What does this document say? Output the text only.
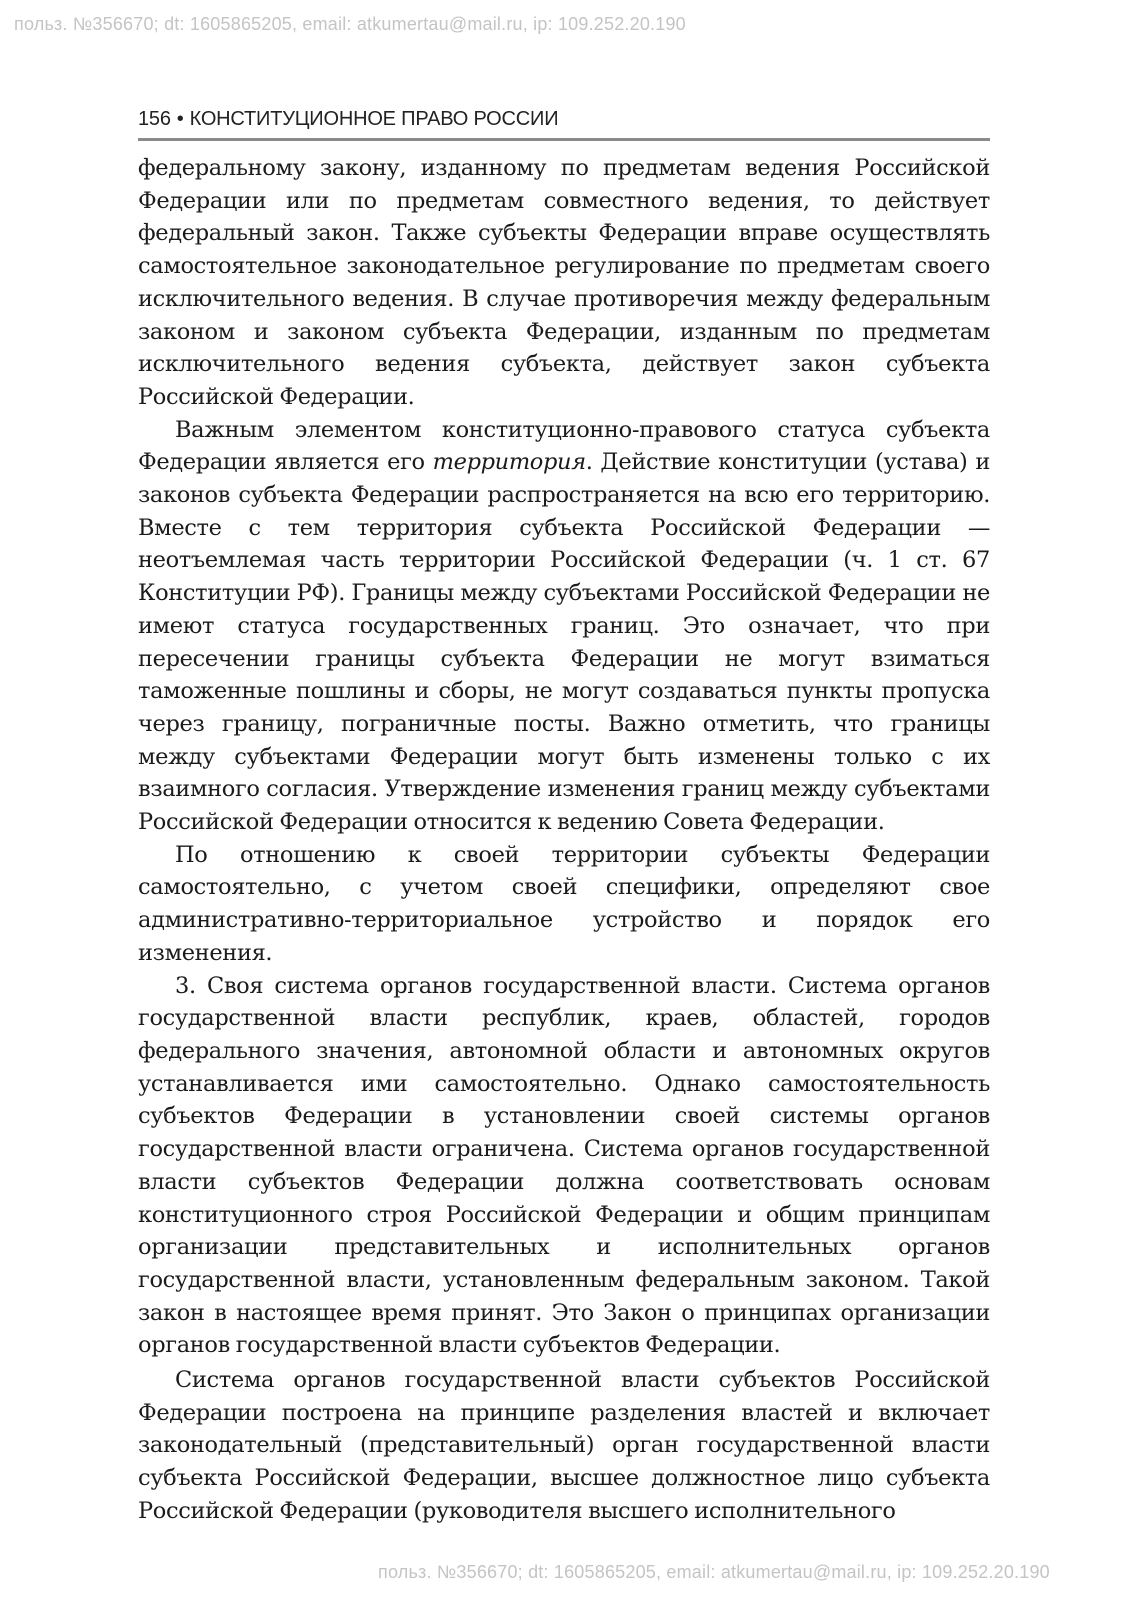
польз. №356670; dt: 1605865205, email: atkumertau@mail.ru, ip: 109.252.20.190
156 • КОНСТИТУЦИОННОЕ ПРАВО РОССИИ

федеральному закону, изданному по предметам ведения Российской Федерации или по предметам совместного ведения, то действует федеральный закон. Также субъекты Федерации вправе осуществлять самостоятельное законодательное регулирование по предметам своего исключительного ведения. В случае противоречия между федеральным законом и законом субъекта Федерации, изданным по предметам исключительного ведения субъекта, действует закон субъекта Российской Федерации.

Важным элементом конституционно-правового статуса субъекта Федерации является его территория. Действие конституции (устава) и законов субъекта Федерации распространяется на всю его территорию. Вместе с тем территория субъекта Российской Федерации — неотъемлемая часть территории Российской Федерации (ч. 1 ст. 67 Конституции РФ). Границы между субъектами Российской Федерации не имеют статуса государственных границ. Это означает, что при пересечении границы субъекта Федерации не могут взиматься таможенные пошлины и сборы, не могут создаваться пункты пропуска через границу, пограничные посты. Важно отметить, что границы между субъектами Федерации могут быть изменены только с их взаимного согласия. Утверждение изменения границ между субъектами Российской Федерации относится к ведению Совета Федерации.

По отношению к своей территории субъекты Федерации самостоятельно, с учетом своей специфики, определяют свое административно-территориальное устройство и порядок его изменения.

3. Своя система органов государственной власти. Система органов государственной власти республик, краев, областей, городов федерального значения, автономной области и автономных округов устанавливается ими самостоятельно. Однако самостоятельность субъектов Федерации в установлении своей системы органов государственной власти ограничена. Система органов государственной власти субъектов Федерации должна соответствовать основам конституционного строя Российской Федерации и общим принципам организации представительных и исполнительных органов государственной власти, установленным федеральным законом. Такой закон в настоящее время принят. Это Закон о принципах организации органов государственной власти субъектов Федерации.

Система органов государственной власти субъектов Российской Федерации построена на принципе разделения властей и включает законодательный (представительный) орган государственной власти субъекта Российской Федерации, высшее должностное лицо субъекта Российской Федерации (руководителя высшего исполнительного

польз. №356670; dt: 1605865205, email: atkumertau@mail.ru, ip: 109.252.20.190
